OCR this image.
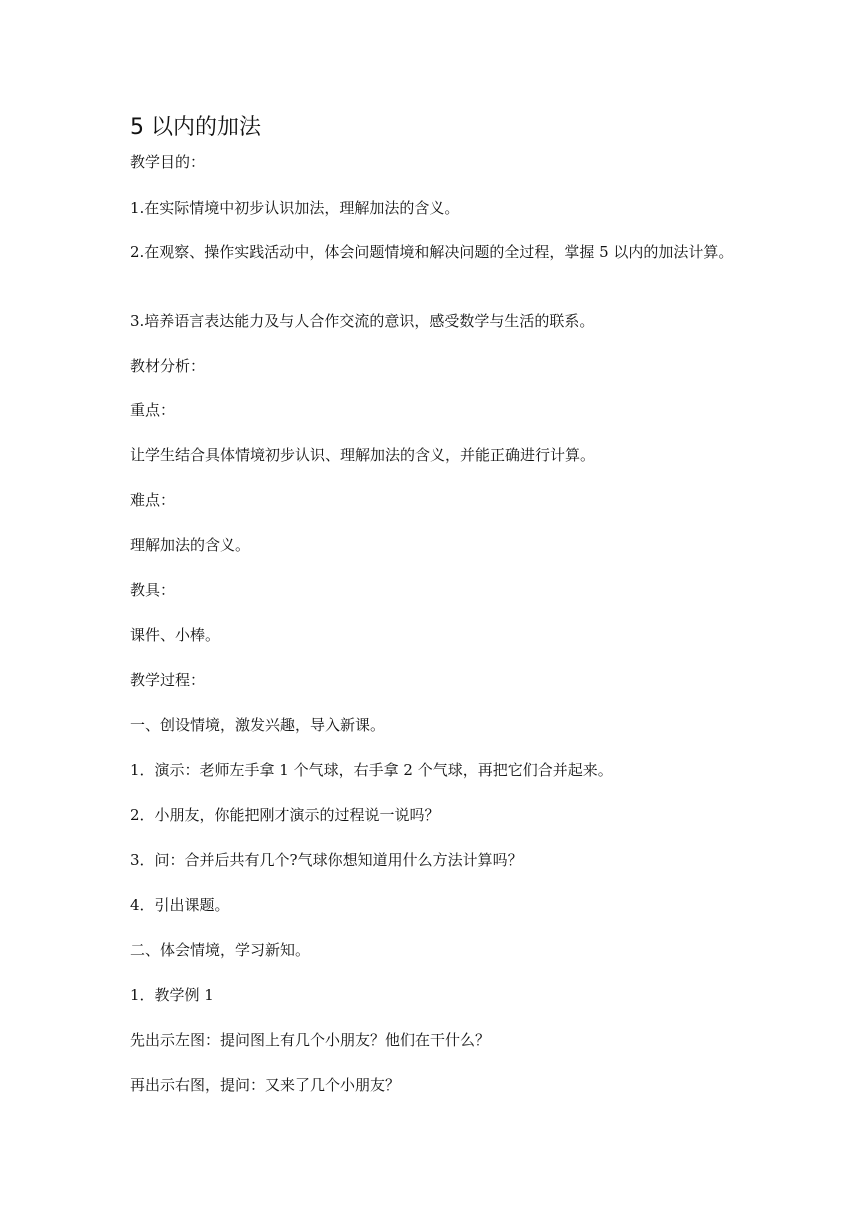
5 以内的加法

教学目的：

1.在实际情境中初步认识加法，理解加法的含义。

2.在观察、操作实践活动中，体会问题情境和解决问题的全过程，掌握 5 以内的加法计算。

3.培养语言表达能力及与人合作交流的意识，感受数学与生活的联系。

教材分析：

重点：

让学生结合具体情境初步认识、理解加法的含义，并能正确进行计算。

难点：

理解加法的含义。

教具：

课件、小棒。

教学过程：

一、创设情境，激发兴趣，导入新课。

1．演示：老师左手拿 1 个气球，右手拿 2 个气球，再把它们合并起来。

2．小朋友，你能把刚才演示的过程说一说吗？

3．问：合并后共有几个?气球你想知道用什么方法计算吗？

4．引出课题。

二、体会情境，学习新知。

1．教学例 1

先出示左图：提问图上有几个小朋友？他们在干什么？

再出示右图，提问：又来了几个小朋友？
